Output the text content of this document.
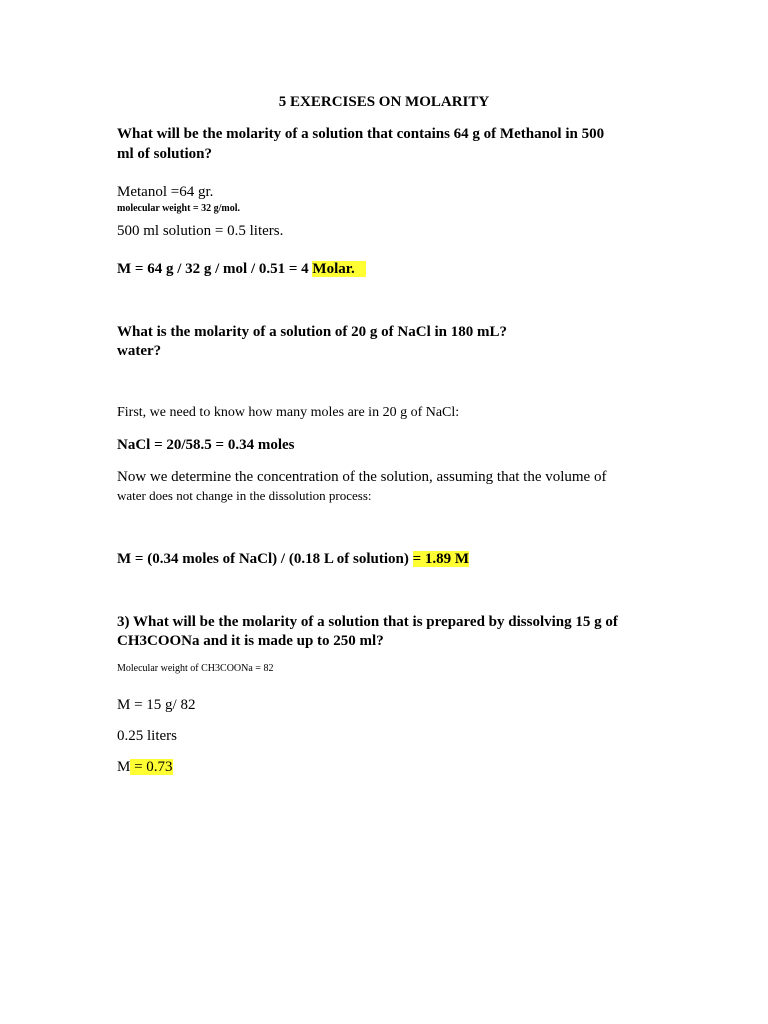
5 EXERCISES ON MOLARITY
What will be the molarity of a solution that contains 64 g of Methanol in 500
ml of solution?
Metanol =64 gr.
molecular weight = 32 g/mol.
500 ml solution = 0.5 liters.
M = 64 g / 32 g / mol / 0.51 = 4 Molar.
What is the molarity of a solution of 20 g of NaCl in 180 mL?
water?
First, we need to know how many moles are in 20 g of NaCl:
NaCl = 20/58.5 = 0.34 moles
Now we determine the concentration of the solution, assuming that the volume of
water does not change in the dissolution process:
M = (0.34 moles of NaCl) / (0.18 L of solution) = 1.89 M
3) What will be the molarity of a solution that is prepared by dissolving 15 g of
CH3COONa and it is made up to 250 ml?
Molecular weight of CH3COONa = 82
M = 15 g/ 82
0.25 liters
M = 0.73
